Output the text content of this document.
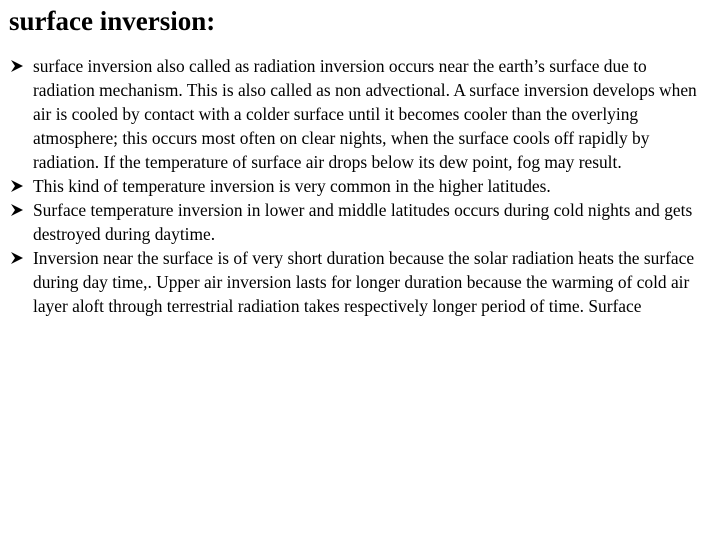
surface inversion:
surface inversion also called as radiation inversion occurs near the earth’s surface due to radiation mechanism. This is also called as non advectional. A surface inversion develops when air is cooled by contact with a colder surface until it becomes cooler than the overlying atmosphere; this occurs most often on clear nights, when the surface cools off rapidly by radiation. If the temperature of surface air drops below its dew point, fog may result.
This kind of temperature inversion is very common in the higher latitudes.
Surface temperature inversion in lower and middle latitudes occurs during cold nights and gets destroyed during daytime.
Inversion near the surface is of very short duration because the solar radiation heats the surface during day time,. Upper air inversion lasts for longer duration because the warming of cold air layer aloft through terrestrial radiation takes respectively longer period of time. Surface
